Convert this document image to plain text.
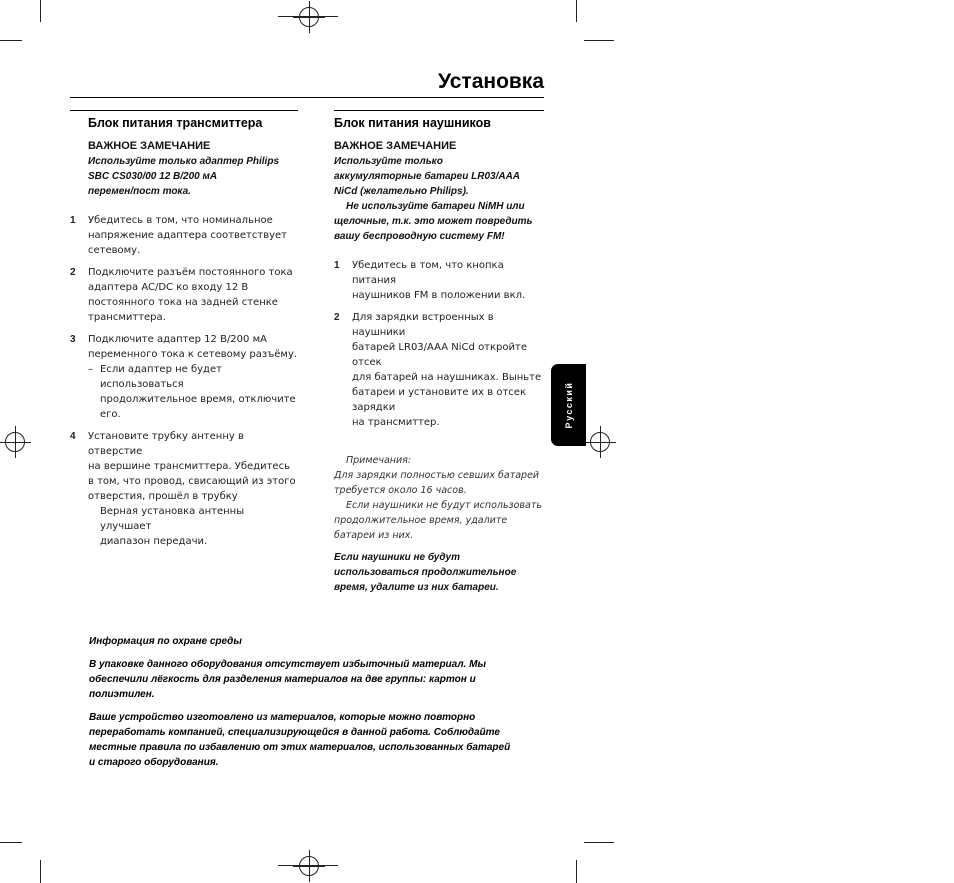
Установка
Блок питания трансмиттера

ВАЖНОЕ ЗАМЕЧАНИЕ

Используйте только адаптер Philips
SBC CS030/00 12 B/200 мА
перемен/пост тока.

1 Убедитесь в том, что номинальное
напряжение адаптера соответствует
сетевому.
2 Подключите разъём постоянного тока
адаптера AC/DC ко входу 12 B
постоянного тока на задней стенке
трансмиттера.
3 Подключите адаптер 12 В/200 мА
переменного тока к сетевому разъёму.
– Если адаптер не будет использоваться
продолжительное время, отключите
его.
4 Установите трубку антенну в отверстие
на вершине трансмиттера. Убедитесь
в том, что провод, свисающий из этого
отверстия, прошёл в трубку
Верная установка антенны улучшает
диапазон передачи.
Блок питания наушников

ВАЖНОЕ ЗАМЕЧАНИЕ

Используйте только
аккумуляторные батареи LR03/AAA
NiCd (желательно Philips).

Не используйте батареи NiMH или
щелочные, т.к. это может повредить
вашу беспроводную систему FM!

1 Убедитесь в том, что кнопка питания
наушников FM в положении вкл.
2 Для зарядки встроенных в наушники
батарей LR03/AAA NiCd откройте отсек
для батарей на наушниках. Выньте
батареи и установите их в отсек зарядки
на трансмиттер.
Примечания:
Для зарядки полностью севших батарей
требуется около 16 часов.
Если наушники не будут использовать
продолжительное время, удалите
батареи из них.

Если наушники не будут
использоваться продолжительное
время, удалите из них батареи.

Русский

Информация по охране среды

В упаковке данного оборудования отсутствует избыточный материал. Мы
обеспечили лёгкость для разделения материалов на две группы: картон и
полиэтилен.

Ваше устройство изготовлено из материалов, которые можно повторно
переработать компанией, специализирующейся в данной работа. Соблюдайте
местные правила по избавлению от этих материалов, использованных батарей
и старого оборудования.
